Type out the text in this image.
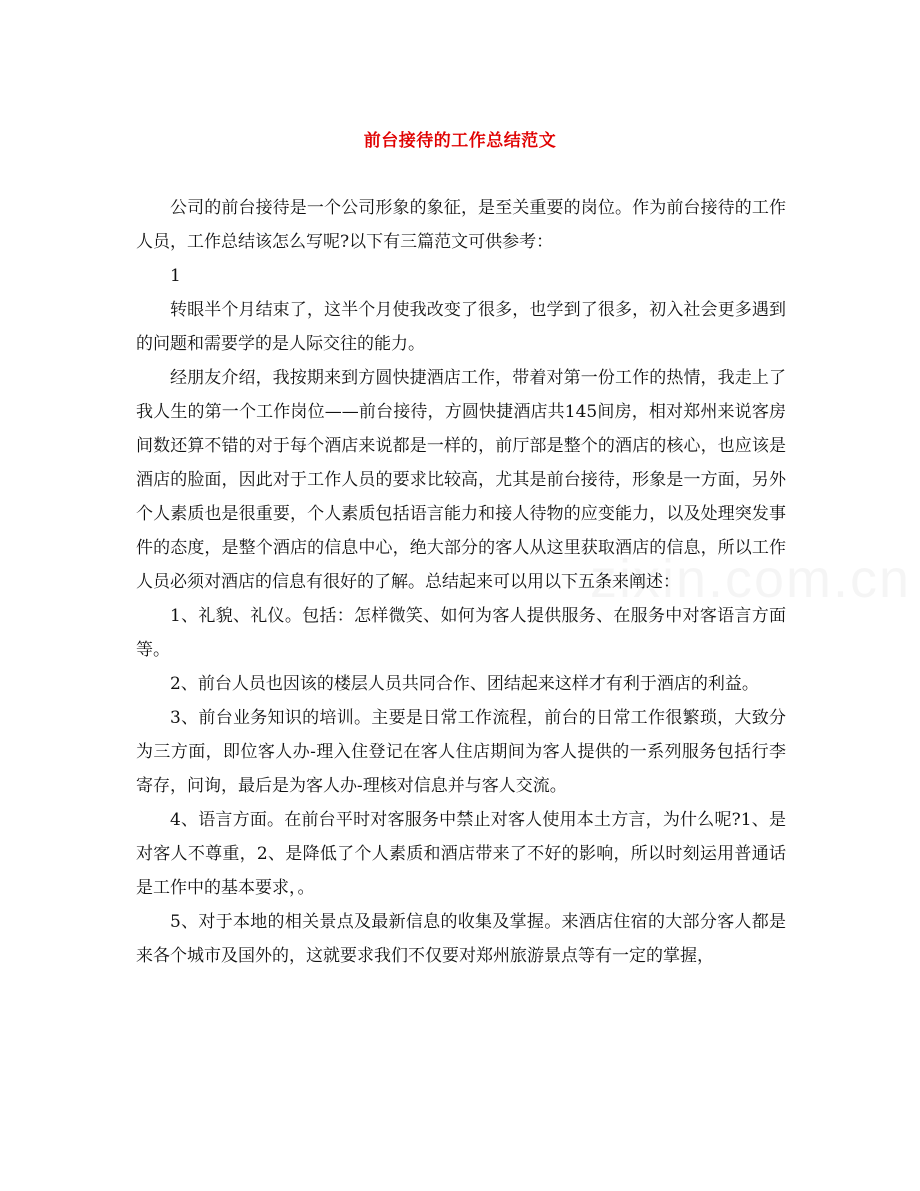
前台接待的工作总结范文

公司的前台接待是一个公司形象的象征，是至关重要的岗位。作为前台接待的工作人员，工作总结该怎么写呢?以下有三篇范文可供参考：

1

转眼半个月结束了，这半个月使我改变了很多，也学到了很多，初入社会更多遇到的问题和需要学的是人际交往的能力。

经朋友介绍，我按期来到方圆快捷酒店工作，带着对第一份工作的热情，我走上了我人生的第一个工作岗位——前台接待，方圆快捷酒店共145间房，相对郑州来说客房间数还算不错的对于每个酒店来说都是一样的，前厅部是整个的酒店的核心，也应该是酒店的脸面，因此对于工作人员的要求比较高，尤其是前台接待，形象是一方面，另外个人素质也是很重要，个人素质包括语言能力和接人待物的应变能力，以及处理突发事件的态度，是整个酒店的信息中心，绝大部分的客人从这里获取酒店的信息，所以工作人员必须对酒店的信息有很好的了解。总结起来可以用以下五条来阐述：

1、礼貌、礼仪。包括：怎样微笑、如何为客人提供服务、在服务中对客语言方面等。

2、前台人员也因该的楼层人员共同合作、团结起来这样才有利于酒店的利益。

3、前台业务知识的培训。主要是日常工作流程，前台的日常工作很繁琐，大致分为三方面，即位客人办-理入住登记在客人住店期间为客人提供的一系列服务包括行李寄存，问询，最后是为客人办-理核对信息并与客人交流。

4、语言方面。在前台平时对客服务中禁止对客人使用本土方言，为什么呢?1、是对客人不尊重，2、是降低了个人素质和酒店带来了不好的影响，所以时刻运用普通话是工作中的基本要求，。

5、对于本地的相关景点及最新信息的收集及掌握。来酒店住宿的大部分客人都是来各个城市及国外的，这就要求我们不仅要对郑州旅游景点等有一定的掌握，
